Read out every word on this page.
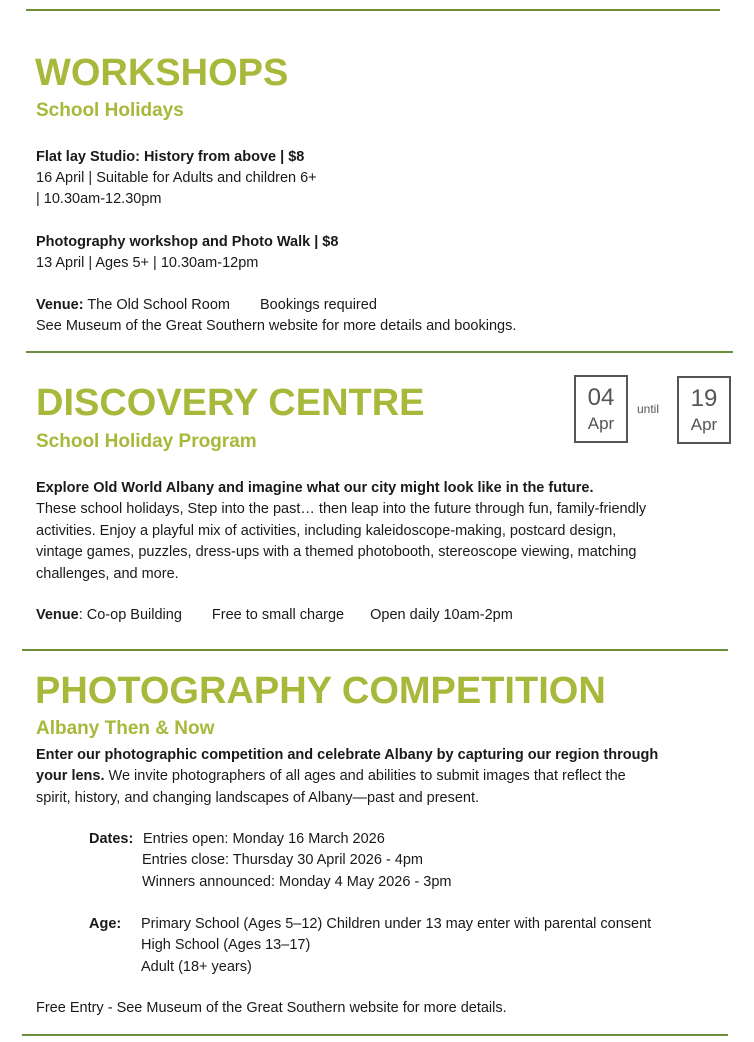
WORKSHOPS
School Holidays
Flat lay Studio: History from above | $8
16 April | Suitable for Adults and children 6+
| 10.30am-12.30pm
Photography workshop and Photo Walk | $8
13 April | Ages 5+ | 10.30am-12pm
Venue: The Old School Room Bookings required
See Museum of the Great Southern website for more details and bookings.
DISCOVERY CENTRE
School Holiday Program
04
Apr
until	19
Apr
Explore Old World Albany and imagine what our city might look like in the future.
These school holidays, Step into the past… then leap into the future through fun, family-friendly
activities. Enjoy a playful mix of activities, including kaleidoscope-making, postcard design,
vintage games, puzzles, dress-ups with a themed photobooth, stereoscope viewing, matching
challenges, and more.
Venue: Co-op Building Free to small charge Open daily 10am-2pm
PHOTOGRAPHY COMPETITION
Albany Then & Now
Enter our photographic competition and celebrate Albany by capturing our region through
your lens. We invite photographers of all ages and abilities to submit images that reflect the
spirit, history, and changing landscapes of Albany—past and present.
Dates: Entries open: Monday 16 March 2026
Entries close: Thursday 30 April 2026 - 4pm
Winners announced: Monday 4 May 2026 - 3pm
Age: Primary School (Ages 5–12) Children under 13 may enter with parental consent
High School (Ages 13–17)
Adult (18+ years)
Free Entry - See Museum of the Great Southern website for more details.
